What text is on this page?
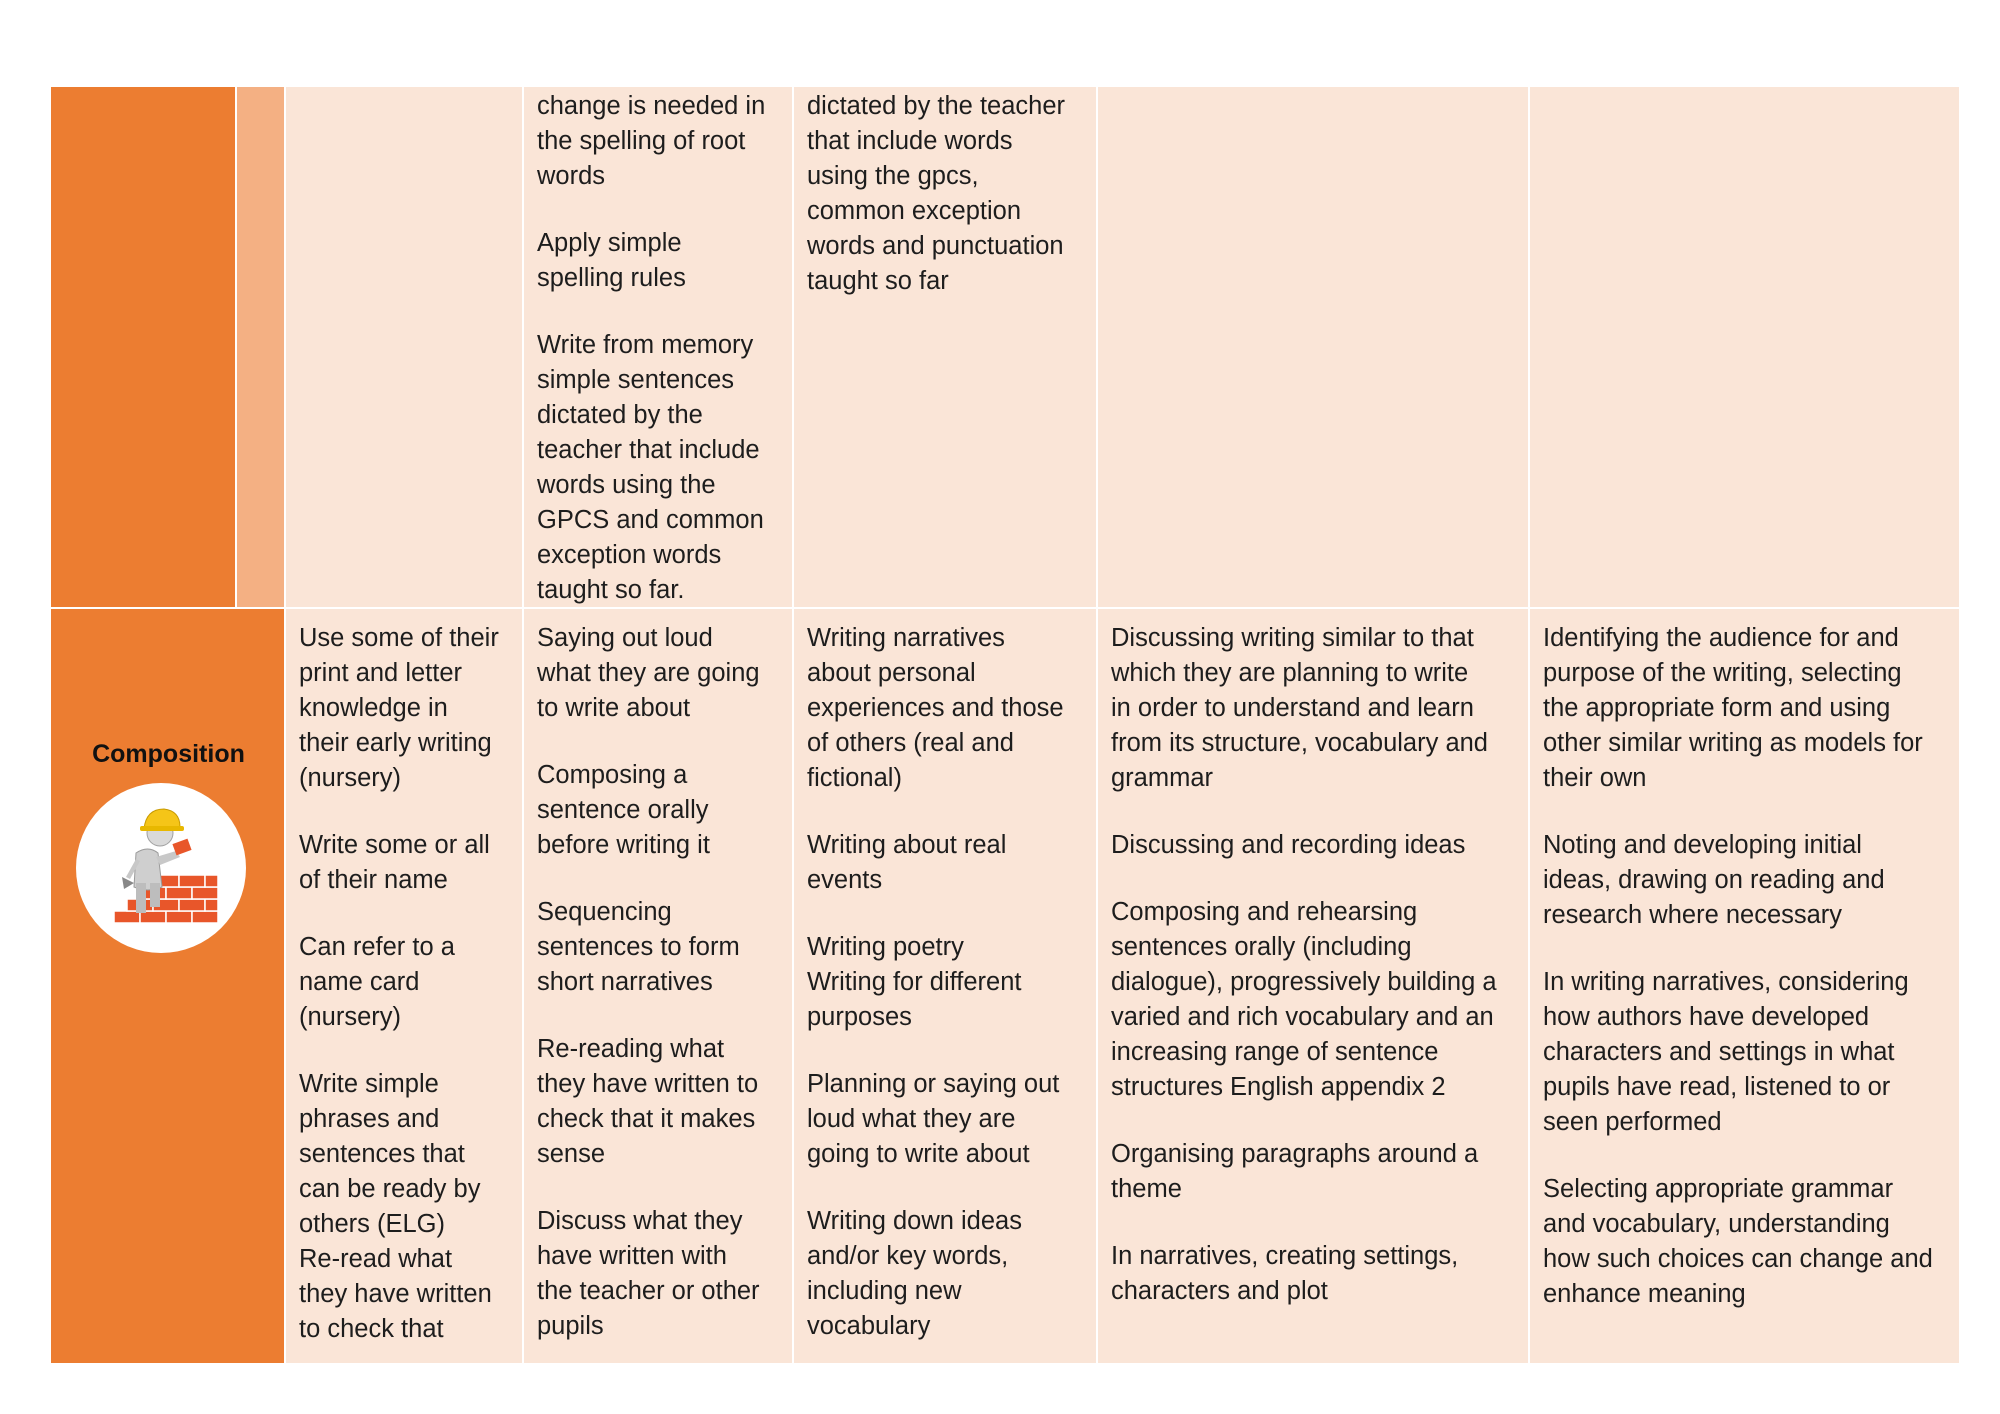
change is needed in
the spelling of root
words
Apply simple
spelling rules
Write from memory
simple sentences
dictated by the
teacher that include
words using the
GPCS and common
exception words
taught so far.
dictated by the teacher
that include words
using the gpcs,
common exception
words and punctuation
taught so far
Composition
Use some of their
print and letter
knowledge in
their early writing
(nursery)
Write some or all
of their name
Can refer to a
name card
(nursery)
Write simple
phrases and
sentences that
can be ready by
others (ELG)
Re-read what
they have written
to check that
Saying out loud
what they are going
to write about
Composing a
sentence orally
before writing it
Sequencing
sentences to form
short narratives
Re-reading what
they have written to
check that it makes
sense
Discuss what they
have written with
the teacher or other
pupils
Writing narratives
about personal
experiences and those
of others (real and
fictional)
Writing about real
events
Writing poetry
Writing for different
purposes
Planning or saying out
loud what they are
going to write about
Writing down ideas
and/or key words,
including new
vocabulary
Discussing writing similar to that
which they are planning to write
in order to understand and learn
from its structure, vocabulary and
grammar
Discussing and recording ideas
Composing and rehearsing
sentences orally (including
dialogue), progressively building a
varied and rich vocabulary and an
increasing range of sentence
structures English appendix 2
Organising paragraphs around a
theme
In narratives, creating settings,
characters and plot
Identifying the audience for and
purpose of the writing, selecting
the appropriate form and using
other similar writing as models for
their own
Noting and developing initial
ideas, drawing on reading and
research where necessary
In writing narratives, considering
how authors have developed
characters and settings in what
pupils have read, listened to or
seen performed
Selecting appropriate grammar
and vocabulary, understanding
how such choices can change and
enhance meaning
